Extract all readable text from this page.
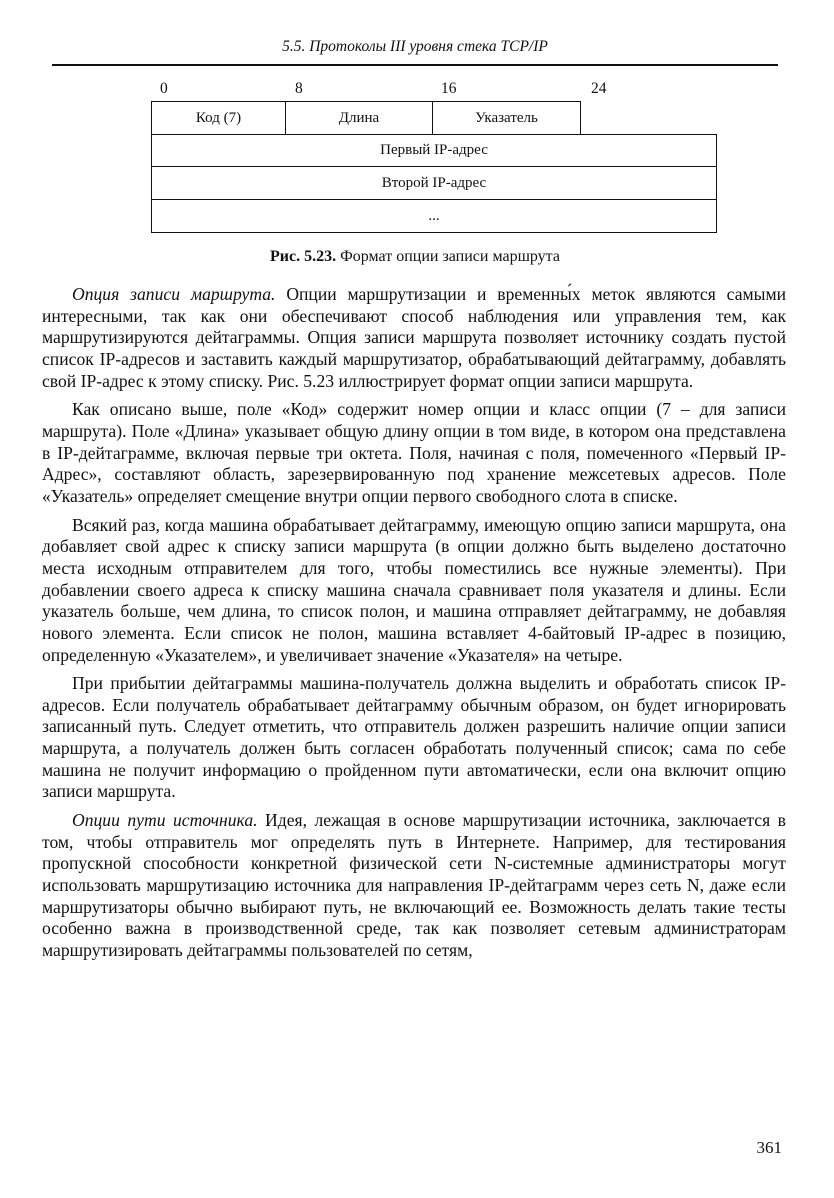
5.5. Протоколы III уровня стека TCP/IP
0	8	16	24
Код (7)	Длина	Указатель
Первый IP-адрес
Второй IP-адрес
...
Рис. 5.23. Формат опции записи маршрута

Опция записи маршрута. Опции маршрутизации и временны́х меток являются самыми интересными, так как они обеспечивают способ наблюдения или управления тем, как маршрутизируются дейтаграммы. Опция записи маршрута позволяет источнику создать пустой список IP-адресов и заставить каждый маршрутизатор, обрабатывающий дейтаграмму, добавлять свой IP-адрес к этому списку. Рис. 5.23 иллюстрирует формат опции записи маршрута.

Как описано выше, поле «Код» содержит номер опции и класс опции (7 – для записи маршрута). Поле «Длина» указывает общую длину опции в том виде, в котором она представлена в IP-дейтаграмме, включая первые три октета. Поля, начиная с поля, помеченного «Первый IP-Адрес», составляют область, зарезервированную под хранение межсетевых адресов. Поле «Указатель» определяет смещение внутри опции первого свободного слота в списке.

Всякий раз, когда машина обрабатывает дейтаграмму, имеющую опцию записи маршрута, она добавляет свой адрес к списку записи маршрута (в опции должно быть выделено достаточно места исходным отправителем для того, чтобы поместились все нужные элементы). При добавлении своего адреса к списку машина сначала сравнивает поля указателя и длины. Если указатель больше, чем длина, то список полон, и машина отправляет дейтаграмму, не добавляя нового элемента. Если список не полон, машина вставляет 4-байтовый IP-адрес в позицию, определенную «Указателем», и увеличивает значение «Указателя» на четыре.

При прибытии дейтаграммы машина-получатель должна выделить и обработать список IP-адресов. Если получатель обрабатывает дейтаграмму обычным образом, он будет игнорировать записанный путь. Следует отметить, что отправитель должен разрешить наличие опции записи маршрута, а получатель должен быть согласен обработать полученный список; сама по себе машина не получит информацию о пройденном пути автоматически, если она включит опцию записи маршрута.

Опции пути источника. Идея, лежащая в основе маршрутизации источника, заключается в том, чтобы отправитель мог определять путь в Интернете. Например, для тестирования пропускной способности конкретной физической сети N-системные администраторы могут использовать маршрутизацию источника для направления IP-дейтаграмм через сеть N, даже если маршрутизаторы обычно выбирают путь, не включающий ее. Возможность делать такие тесты особенно важна в производственной среде, так как позволяет сетевым администраторам маршрутизировать дейтаграммы пользователей по сетям,

361
